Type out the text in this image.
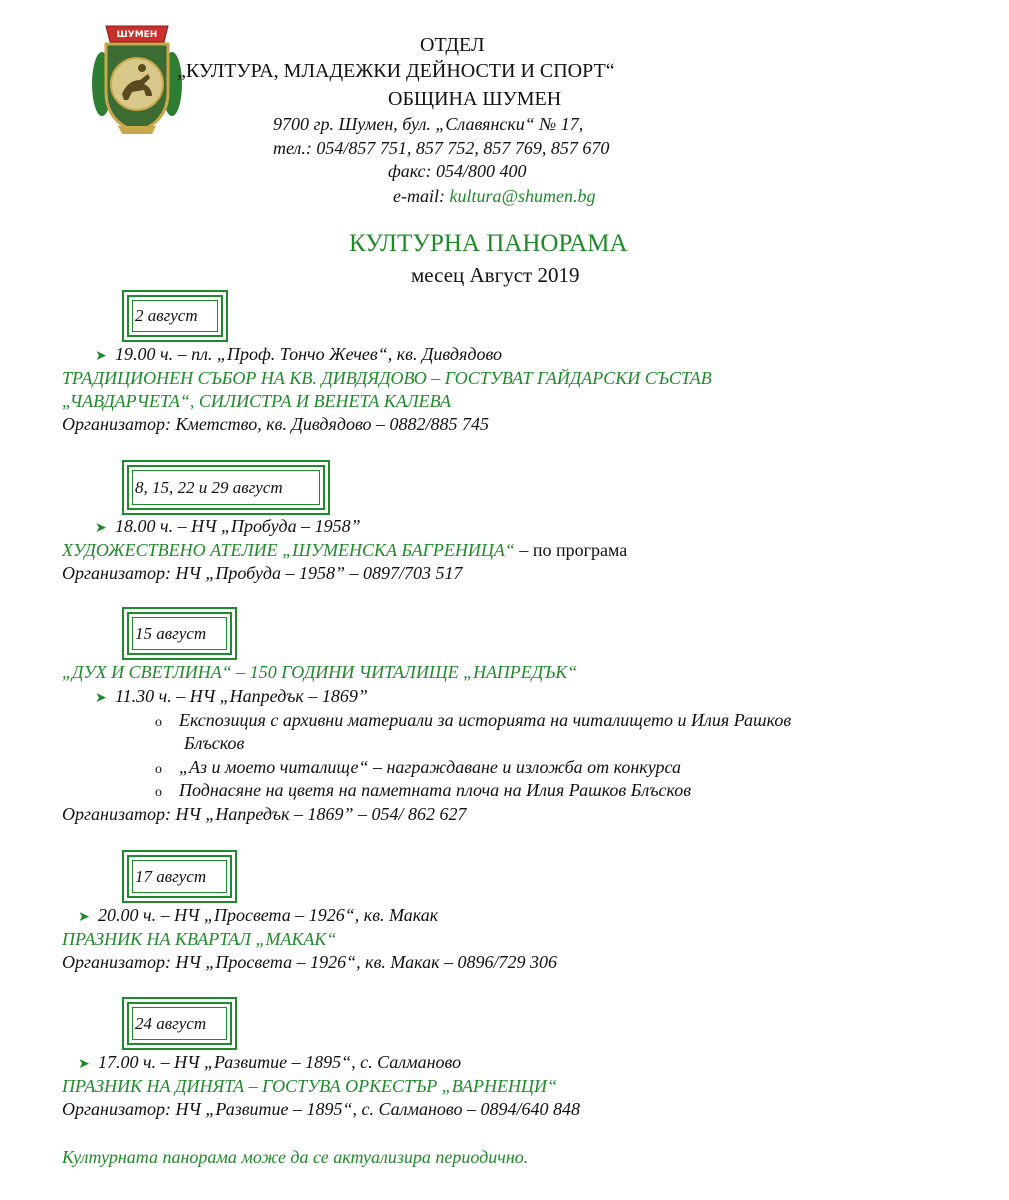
ШУМЕН	ОТДЕЛ
„КУЛТУРА, МЛАДЕЖКИ ДЕЙНОСТИ И СПОРТ“
ОБЩИНА ШУМЕН
9700 гр. Шумен, бул. „Славянски“ № 17,
тел.: 054/857 751, 857 752, 857 769, 857 670
факс: 054/800 400
e-mail: kultura@shumen.bg
КУЛТУРНА ПАНОРАМА
месец Август 2019
2 август
➤ 19.00 ч. – пл. „Проф. Тончо Жечев“, кв. Дивдядово
ТРАДИЦИОНЕН СЪБОР НА КВ. ДИВДЯДОВО – ГОСТУВАТ ГАЙДАРСКИ СЪСТАВ
„ЧАВДАРЧЕТА“, СИЛИСТРА И ВЕНЕТА КАЛЕВА
Организатор: Кметство, кв. Дивдядово – 0882/885 745
8, 15, 22 и 29 август
➤ 18.00 ч. – НЧ „Пробуда – 1958”
ХУДОЖЕСТВЕНО АТЕЛИЕ „ШУМЕНСКА БАГРЕНИЦА“ – по програма
Организатор: НЧ „Пробуда – 1958” – 0897/703 517
15 август
„ДУХ И СВЕТЛИНА“ – 150 ГОДИНИ ЧИТАЛИЩЕ „НАПРЕДЪК“
➤ 11.30 ч. – НЧ „Напредък – 1869”
o Експозиция с архивни материали за историята на читалището и Илия Рашков
Блъсков
o „Аз и моето читалище“ – награждаване и изложба от конкурса
o Поднасяне на цветя на паметната плоча на Илия Рашков Блъсков
Организатор: НЧ „Напредък – 1869” – 054/ 862 627
17 август
➤ 20.00 ч. – НЧ „Просвета – 1926“, кв. Макак
ПРАЗНИК НА КВАРТАЛ „МАКАК“
Организатор: НЧ „Просвета – 1926“, кв. Макак – 0896/729 306
24 август
➤ 17.00 ч. – НЧ „Развитие – 1895“, с. Салманово
ПРАЗНИК НА ДИНЯТА – ГОСТУВА ОРКЕСТЪР „ВАРНЕНЦИ“
Организатор: НЧ „Развитие – 1895“, с. Салманово – 0894/640 848
Културната панорама може да се актуализира периодично.
